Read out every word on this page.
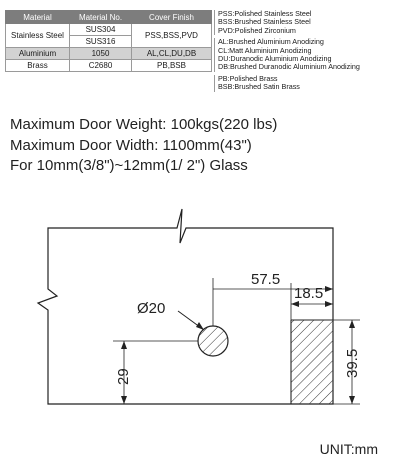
Material	Material No.	Cover Finish
Stainless Steel	SUS304	PSS,BSS,PVD
	SUS316	
Aluminium	1050	AL,CL,DU,DB
Brass	C2680	PB,BSB
PSS:Polished Stainless Steel
BSS:Brushed Stainless Steel
PVD:Polished Zirconium
AL:Brushed Aluminium Anodizing
CL:Matt Aluminium Anodizing
DU:Duranodic Aluminium Anodizing
DB:Brushed Duranodic Aluminium Anodizing
PB:Polished Brass
BSB:Brushed Satin Brass
Maximum Door Weight: 100kgs(220 lbs)
Maximum Door Width: 1100mm(43")
For 10mm(3/8")~12mm(1/ 2") Glass
Ø20
57.5
18.5
39.5
29
UNIT:mm
